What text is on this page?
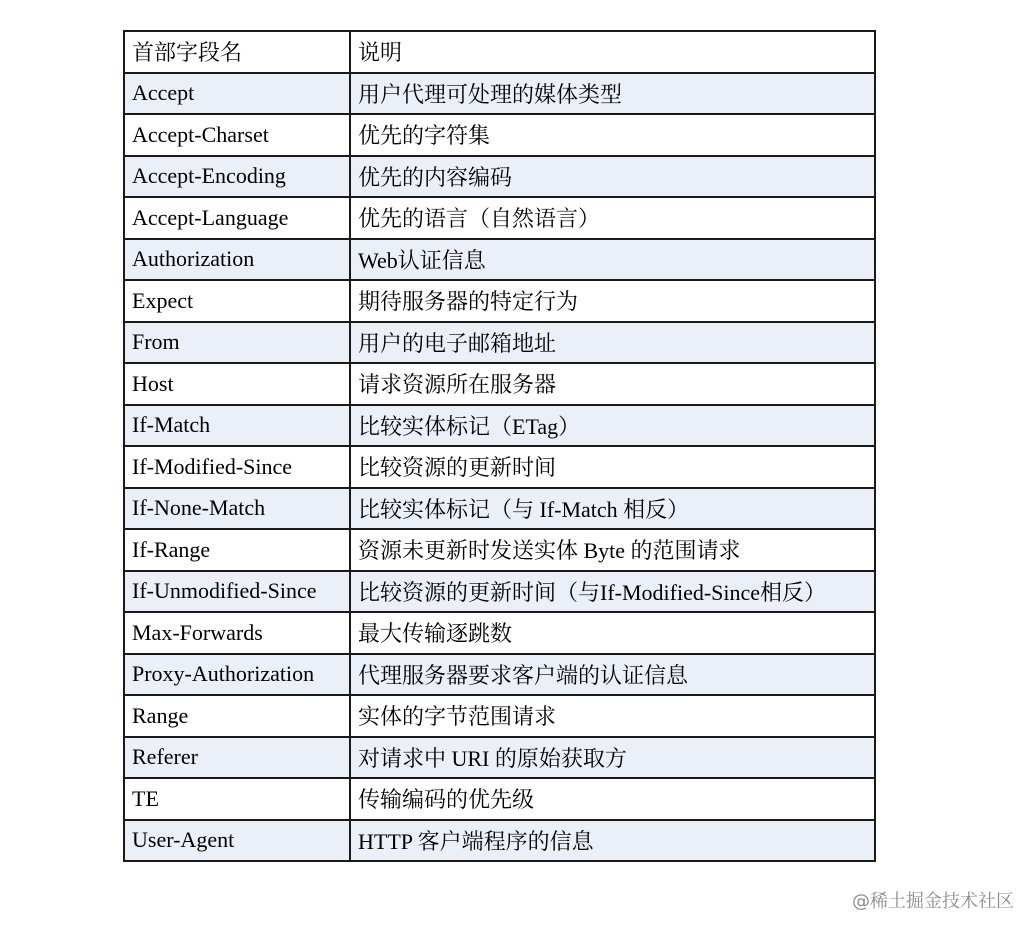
首部字段名	说明
Accept	用户代理可处理的媒体类型
Accept-Charset	优先的字符集
Accept-Encoding	优先的内容编码
Accept-Language	优先的语言（自然语言）
Authorization	Web认证信息
Expect	期待服务器的特定行为
From	用户的电子邮箱地址
Host	请求资源所在服务器
If-Match	比较实体标记（ETag）
If-Modified-Since	比较资源的更新时间
If-None-Match	比较实体标记（与 If-Match 相反）
If-Range	资源未更新时发送实体 Byte 的范围请求
If-Unmodified-Since	比较资源的更新时间（与If-Modified-Since相反）
Max-Forwards	最大传输逐跳数
Proxy-Authorization	代理服务器要求客户端的认证信息
Range	实体的字节范围请求
Referer	对请求中 URI 的原始获取方
TE	传输编码的优先级
User-Agent	HTTP 客户端程序的信息
@稀土掘金技术社区
